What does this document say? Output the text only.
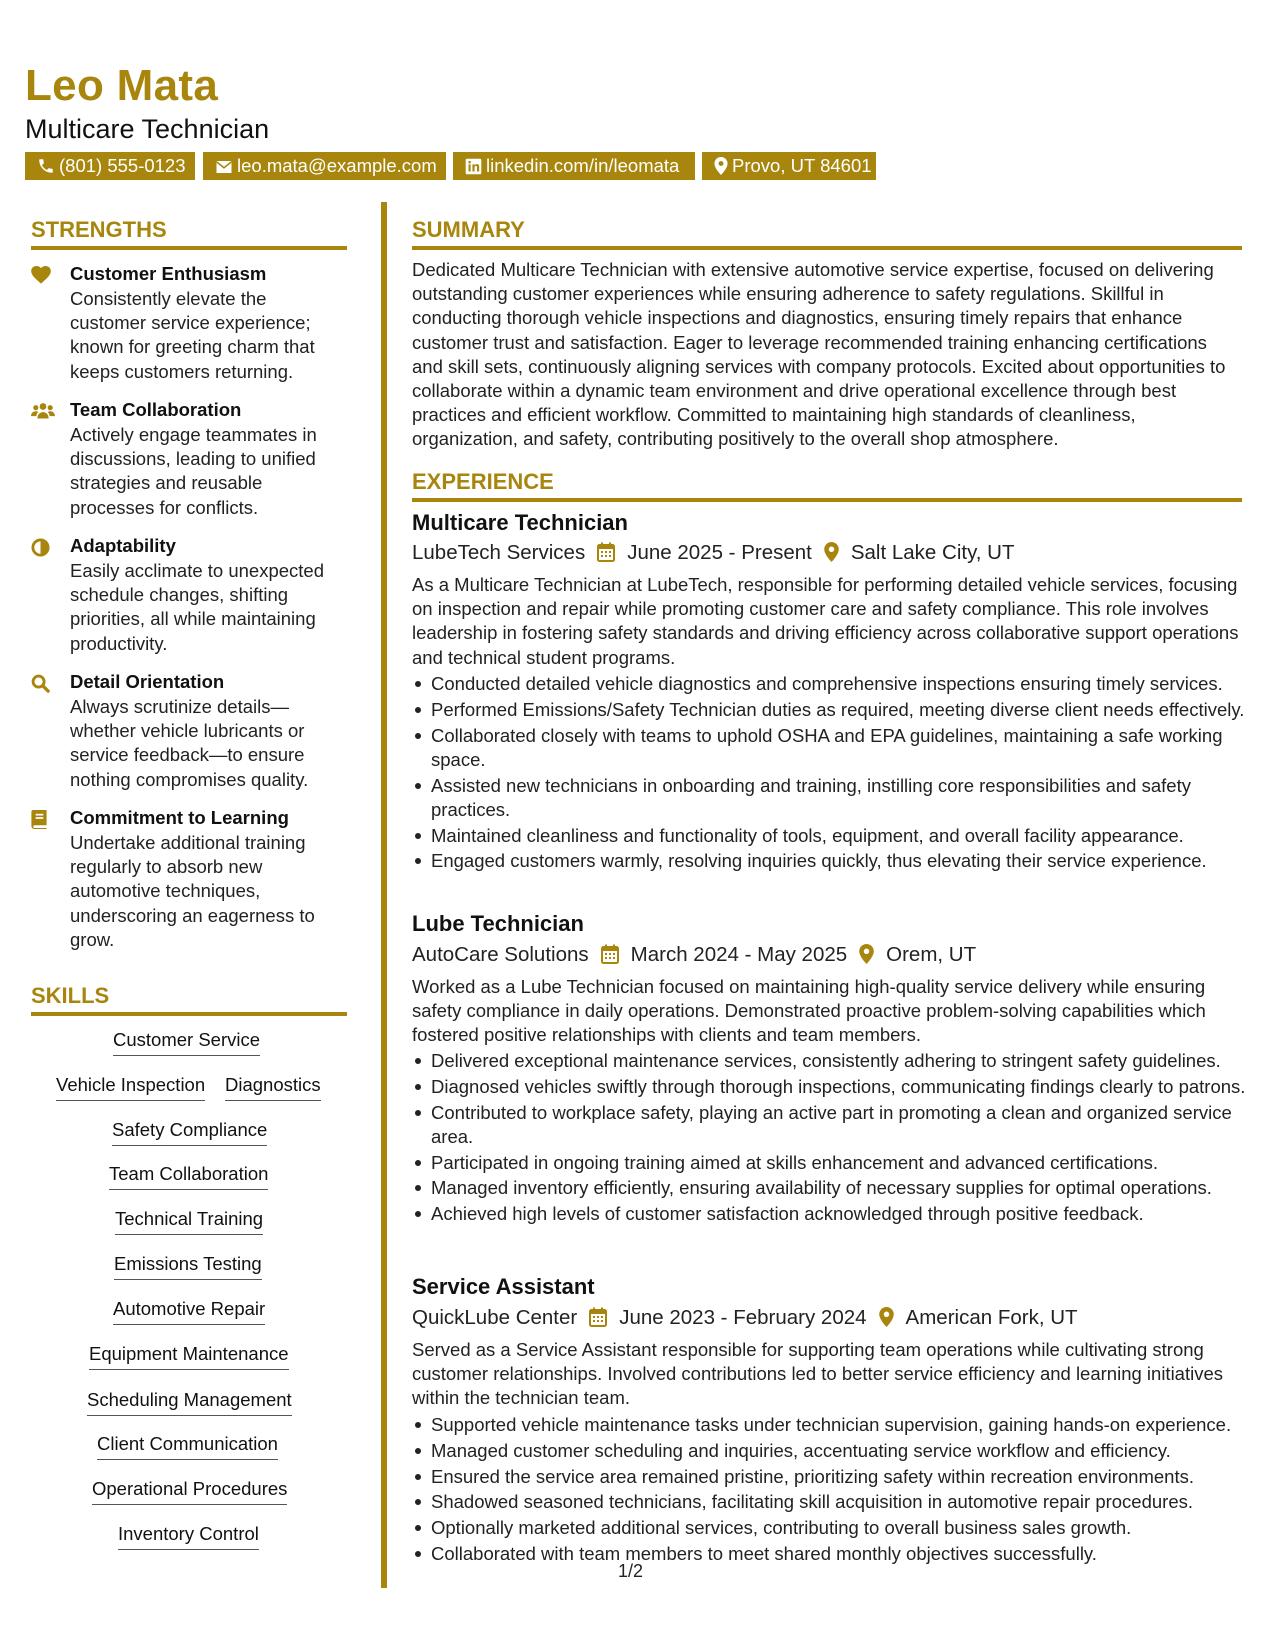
Leo Mata
Multicare Technician
(801) 555-0123	leo.mata@example.com	linkedin.com/in/leomata	Provo, UT 84601
STRENGTHS
Customer Enthusiasm
Consistently elevate the customer service experience; known for greeting charm that keeps customers returning.
Team Collaboration
Actively engage teammates in discussions, leading to unified strategies and reusable processes for conflicts.
Adaptability
Easily acclimate to unexpected schedule changes, shifting priorities, all while maintaining productivity.
Detail Orientation
Always scrutinize details—whether vehicle lubricants or service feedback—to ensure nothing compromises quality.
Commitment to Learning
Undertake additional training regularly to absorb new automotive techniques, underscoring an eagerness to grow.
SKILLS
Customer Service
Vehicle Inspection Diagnostics
Safety Compliance
Team Collaboration
Technical Training
Emissions Testing
Automotive Repair
Equipment Maintenance
Scheduling Management
Client Communication
Operational Procedures
Inventory Control
SUMMARY
Dedicated Multicare Technician with extensive automotive service expertise, focused on delivering outstanding customer experiences while ensuring adherence to safety regulations. Skillful in conducting thorough vehicle inspections and diagnostics, ensuring timely repairs that enhance customer trust and satisfaction. Eager to leverage recommended training enhancing certifications and skill sets, continuously aligning services with company protocols. Excited about opportunities to collaborate within a dynamic team environment and drive operational excellence through best practices and efficient workflow. Committed to maintaining high standards of cleanliness, organization, and safety, contributing positively to the overall shop atmosphere.
EXPERIENCE
Multicare Technician
LubeTech Services June 2025 - Present Salt Lake City, UT
As a Multicare Technician at LubeTech, responsible for performing detailed vehicle services, focusing on inspection and repair while promoting customer care and safety compliance. This role involves leadership in fostering safety standards and driving efficiency across collaborative support operations and technical student programs.
Conducted detailed vehicle diagnostics and comprehensive inspections ensuring timely services.
Performed Emissions/Safety Technician duties as required, meeting diverse client needs effectively.
Collaborated closely with teams to uphold OSHA and EPA guidelines, maintaining a safe working space.
Assisted new technicians in onboarding and training, instilling core responsibilities and safety practices.
Maintained cleanliness and functionality of tools, equipment, and overall facility appearance.
Engaged customers warmly, resolving inquiries quickly, thus elevating their service experience.
Lube Technician
AutoCare Solutions March 2024 - May 2025 Orem, UT
Worked as a Lube Technician focused on maintaining high-quality service delivery while ensuring safety compliance in daily operations. Demonstrated proactive problem-solving capabilities which fostered positive relationships with clients and team members.
Delivered exceptional maintenance services, consistently adhering to stringent safety guidelines.
Diagnosed vehicles swiftly through thorough inspections, communicating findings clearly to patrons.
Contributed to workplace safety, playing an active part in promoting a clean and organized service area.
Participated in ongoing training aimed at skills enhancement and advanced certifications.
Managed inventory efficiently, ensuring availability of necessary supplies for optimal operations.
Achieved high levels of customer satisfaction acknowledged through positive feedback.
Service Assistant
QuickLube Center June 2023 - February 2024 American Fork, UT
Served as a Service Assistant responsible for supporting team operations while cultivating strong customer relationships. Involved contributions led to better service efficiency and learning initiatives within the technician team.
Supported vehicle maintenance tasks under technician supervision, gaining hands-on experience.
Managed customer scheduling and inquiries, accentuating service workflow and efficiency.
Ensured the service area remained pristine, prioritizing safety within recreation environments.
Shadowed seasoned technicians, facilitating skill acquisition in automotive repair procedures.
Optionally marketed additional services, contributing to overall business sales growth.
Collaborated with team members to meet shared monthly objectives successfully.
1/2
